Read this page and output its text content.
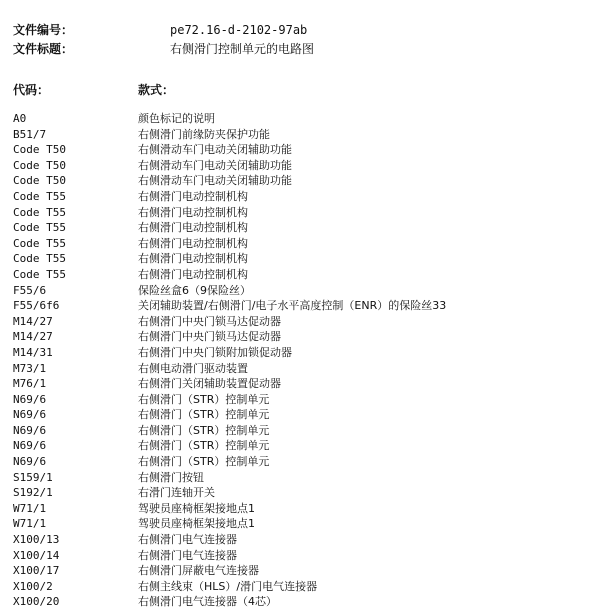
文件编号：	pe72.16-d-2102-97ab
文件标题：	右侧滑门控制单元的电路图
代码：	款式：
A0	颜色标记的说明
B51/7	右侧滑门前缘防夹保护功能
Code T50	右侧滑动车门电动关闭辅助功能
Code T50	右侧滑动车门电动关闭辅助功能
Code T50	右侧滑动车门电动关闭辅助功能
Code T55	右侧滑门电动控制机构
Code T55	右侧滑门电动控制机构
Code T55	右侧滑门电动控制机构
Code T55	右侧滑门电动控制机构
Code T55	右侧滑门电动控制机构
Code T55	右侧滑门电动控制机构
F55/6	保险丝盒6（9保险丝）
F55/6f6	关闭辅助装置/右侧滑门/电子水平高度控制（ENR）的保险丝33
M14/27	右侧滑门中央门锁马达促动器
M14/27	右侧滑门中央门锁马达促动器
M14/31	右侧滑门中央门锁附加锁促动器
M73/1	右侧电动滑门驱动装置
M76/1	右侧滑门关闭辅助装置促动器
N69/6	右侧滑门（STR）控制单元
N69/6	右侧滑门（STR）控制单元
N69/6	右侧滑门（STR）控制单元
N69/6	右侧滑门（STR）控制单元
N69/6	右侧滑门（STR）控制单元
S159/1	右侧滑门按钮
S192/1	右滑门连轴开关
W71/1	驾驶员座椅框架接地点1
W71/1	驾驶员座椅框架接地点1
X100/13	右侧滑门电气连接器
X100/14	右侧滑门电气连接器
X100/17	右侧滑门屏蔽电气连接器
X100/2	右侧主线束（HLS）/滑门电气连接器
X100/20	右侧滑门电气连接器（4芯）
